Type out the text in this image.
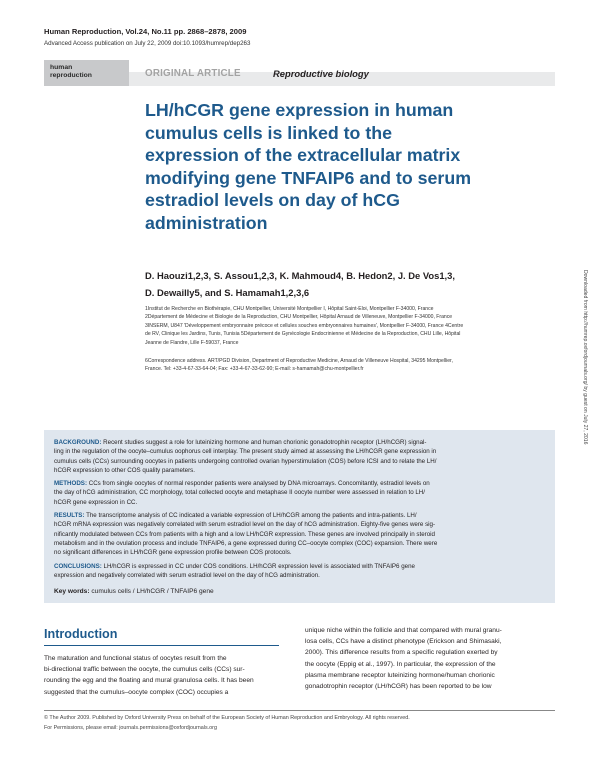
Human Reproduction, Vol.24, No.11 pp. 2868–2878, 2009
Advanced Access publication on July 22, 2009 doi:10.1093/humrep/dep263
human
reproduction	ORIGINAL ARTICLE	Reproductive biology

LH/hCGR gene expression in human

cumulus cells is linked to the

expression of the extracellular matrix

modifying gene TNFAIP6 and to serum

estradiol levels on day of hCG

administration

D. Haouzi1,2,3, S. Assou1,2,3, K. Mahmoud4, B. Hedon2, J. De Vos1,3,

D. Dewailly5, and S. Hamamah1,2,3,6

1Institut de Recherche en Biothérapie, CHU Montpellier, Université Montpellier I, Hôpital Saint-Eloi, Montpellier F-34000, France

2Département de Médecine et Biologie de la Reproduction, CHU Montpellier, Hôpital Arnaud de Villeneuve, Montpellier F-34000, France

3INSERM, U847 'Développement embryonnaire précoce et cellules souches embryonnaires humaines', Montpellier F-34000, France 4Centre

de RV, Clinique les Jardins, Tunis, Tunisia 5Département de Gynécologie Endocrinienne et Médecine de la Reproduction, CHU Lille, Hôpital

Jeanne de Flandre, Lille F-59037, France

6Correspondence address. ART/PGD Division, Department of Reproductive Medicine, Arnaud de Villeneuve Hospital, 34295 Montpellier,

France. Tel: +33-4-67-33-64-04; Fax: +33-4-67-33-62-90; E-mail: s-hamamah@chu-montpellier.fr

BACKGROUND: Recent studies suggest a role for luteinizing hormone and human chorionic gonadotrophin receptor (LH/hCGR) signal-

ling in the regulation of the oocyte–cumulus oophorus cell interplay. The present study aimed at assessing the LH/hCGR gene expression in

cumulus cells (CCs) surrounding oocytes in patients undergoing controlled ovarian hyperstimulation (COS) before ICSI and to relate the LH/

hCGR expression to other COS quality parameters.

METHODS: CCs from single oocytes of normal responder patients were analysed by DNA microarrays. Concomitantly, estradiol levels on

the day of hCG administration, CC morphology, total collected oocyte and metaphase II oocyte number were assessed in relation to LH/

hCGR gene expression in CC.

RESULTS: The transcriptome analysis of CC indicated a variable expression of LH/hCGR among the patients and intra-patients. LH/

hCGR mRNA expression was negatively correlated with serum estradiol level on the day of hCG administration. Eighty-five genes were sig-

nificantly modulated between CCs from patients with a high and a low LH/hCGR expression. These genes are involved principally in steroid

metabolism and in the ovulation process and include TNFAIP6, a gene expressed during CC–oocyte complex (COC) expansion. There were

no significant differences in LH/hCGR gene expression profile between COS protocols.

CONCLUSIONS: LH/hCGR is expressed in CC under COS conditions. LH/hCGR expression level is associated with TNFAIP6 gene

expression and negatively correlated with serum estradiol level on the day of hCG administration.

Key words: cumulus cells / LH/hCGR / TNFAIP6 gene
Introduction

The maturation and functional status of oocytes result from the

bi-directional traffic between the oocyte, the cumulus cells (CCs) sur-

rounding the egg and the floating and mural granulosa cells. It has been

suggested that the cumulus–oocyte complex (COC) occupies a

unique niche within the follicle and that compared with mural granu-

losa cells, CCs have a distinct phenotype (Erickson and Shimasaki,

2000). This difference results from a specific regulation exerted by

the oocyte (Eppig et al., 1997). In particular, the expression of the

plasma membrane receptor luteinizing hormone/human chorionic

gonadotrophin receptor (LH/hCGR) has been reported to be low

© The Author 2009. Published by Oxford University Press on behalf of the European Society of Human Reproduction and Embryology. All rights reserved.

For Permissions, please email: journals.permissions@oxfordjournals.org

Downloaded from http://humrep.oxfordjournals.org/ by guest on July 27, 2016
